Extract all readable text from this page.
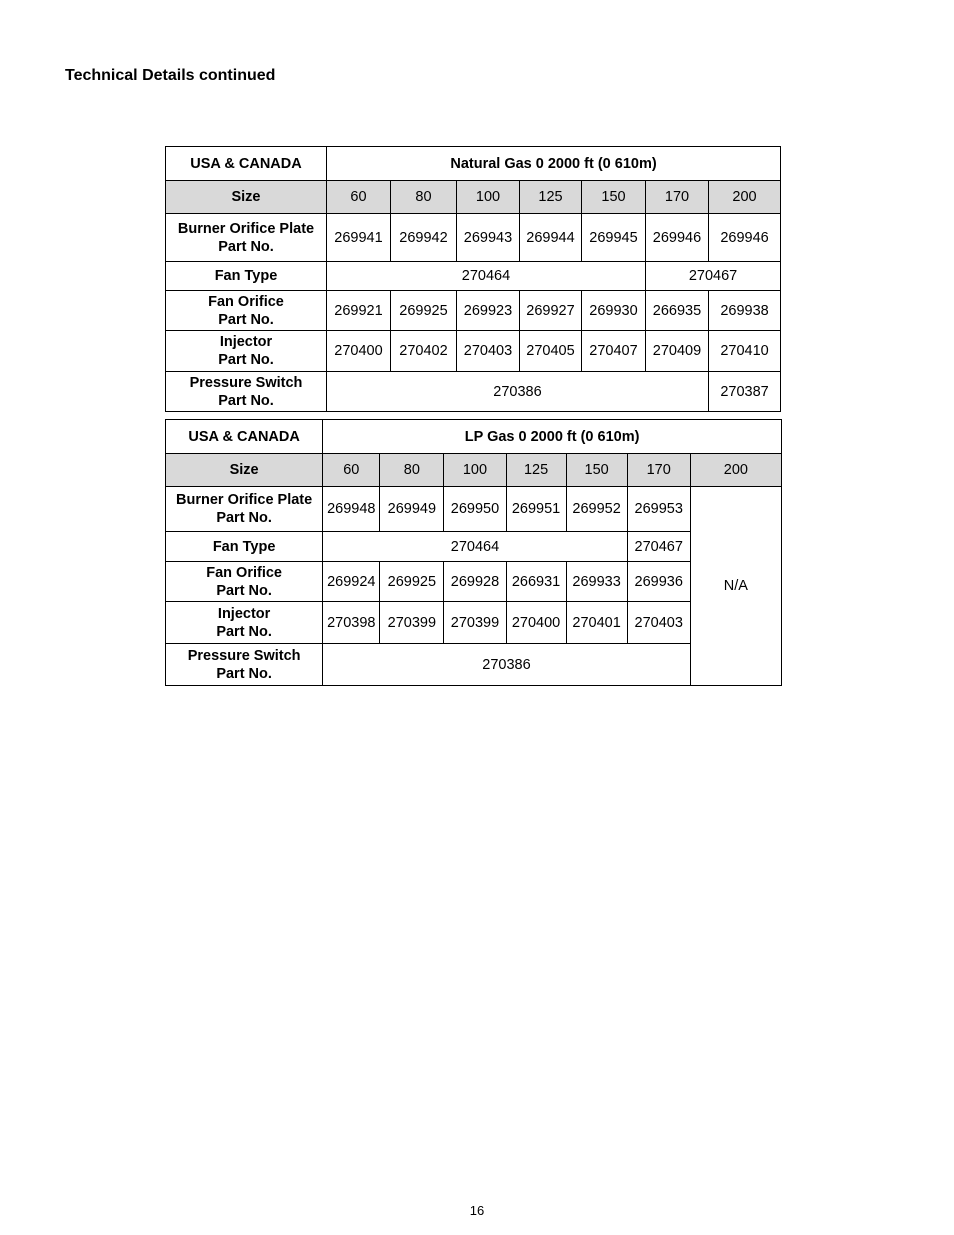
Technical Details continued
USA & CANADA	Natural Gas 0 2000 ft (0 610m)						
Size	60	80	100	125	150	170	200
Burner Orifice Plate
Part No.	269941	269942	269943	269944	269945	269946	269946
Fan Type	270464					270467	
Fan Orifice
Part No.	269921	269925	269923	269927	269930	266935	269938
Injector
Part No.	270400	270402	270403	270405	270407	270409	270410
Pressure Switch
Part No.	270386						270387
USA & CANADA	LP Gas 0 2000 ft (0 610m)						
Size	60	80	100	125	150	170	200
Burner Orifice Plate
Part No.	269948	269949	269950	269951	269952	269953	N/A
Fan Type	270464					270467	
Fan Orifice
Part No.	269924	269925	269928	266931	269933	269936	
Injector
Part No.	270398	270399	270399	270400	270401	270403	
Pressure Switch
Part No.	270386						
16
